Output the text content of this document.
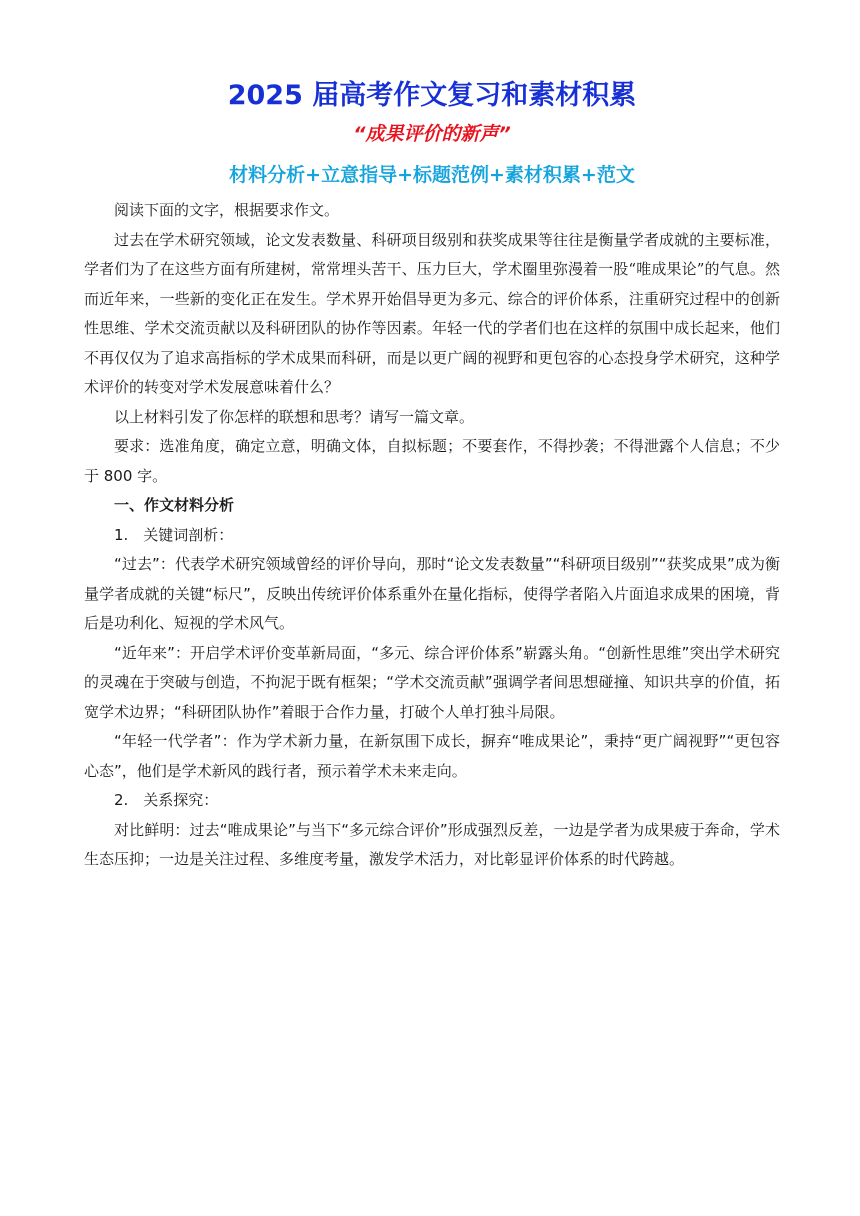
2025 届高考作文复习和素材积累
“成果评价的新声”
材料分析+立意指导+标题范例+素材积累+范文

阅读下面的文字，根据要求作文。

过去在学术研究领域，论文发表数量、科研项目级别和获奖成果等往往是衡量学者成就的主要标准，学者们为了在这些方面有所建树，常常埋头苦干、压力巨大，学术圈里弥漫着一股“唯成果论”的气息。然而近年来，一些新的变化正在发生。学术界开始倡导更为多元、综合的评价体系，注重研究过程中的创新性思维、学术交流贡献以及科研团队的协作等因素。年轻一代的学者们也在这样的氛围中成长起来，他们不再仅仅为了追求高指标的学术成果而科研，而是以更广阔的视野和更包容的心态投身学术研究，这种学术评价的转变对学术发展意味着什么？

以上材料引发了你怎样的联想和思考？请写一篇文章。

要求：选准角度，确定立意，明确文体，自拟标题；不要套作，不得抄袭；不得泄露个人信息；不少于 800 字。

一、作文材料分析

1.　关键词剖析：

“过去”：代表学术研究领域曾经的评价导向，那时“论文发表数量”“科研项目级别”“获奖成果”成为衡量学者成就的关键“标尺”，反映出传统评价体系重外在量化指标，使得学者陷入片面追求成果的困境，背后是功利化、短视的学术风气。

“近年来”：开启学术评价变革新局面，“多元、综合评价体系”崭露头角。“创新性思维”突出学术研究的灵魂在于突破与创造，不拘泥于既有框架；“学术交流贡献”强调学者间思想碰撞、知识共享的价值，拓宽学术边界；“科研团队协作”着眼于合作力量，打破个人单打独斗局限。

“年轻一代学者”：作为学术新力量，在新氛围下成长，摒弃“唯成果论”，秉持“更广阔视野”“更包容心态”，他们是学术新风的践行者，预示着学术未来走向。

2.　关系探究：

对比鲜明：过去“唯成果论”与当下“多元综合评价”形成强烈反差，一边是学者为成果疲于奔命，学术生态压抑；一边是关注过程、多维度考量，激发学术活力，对比彰显评价体系的时代跨越。
